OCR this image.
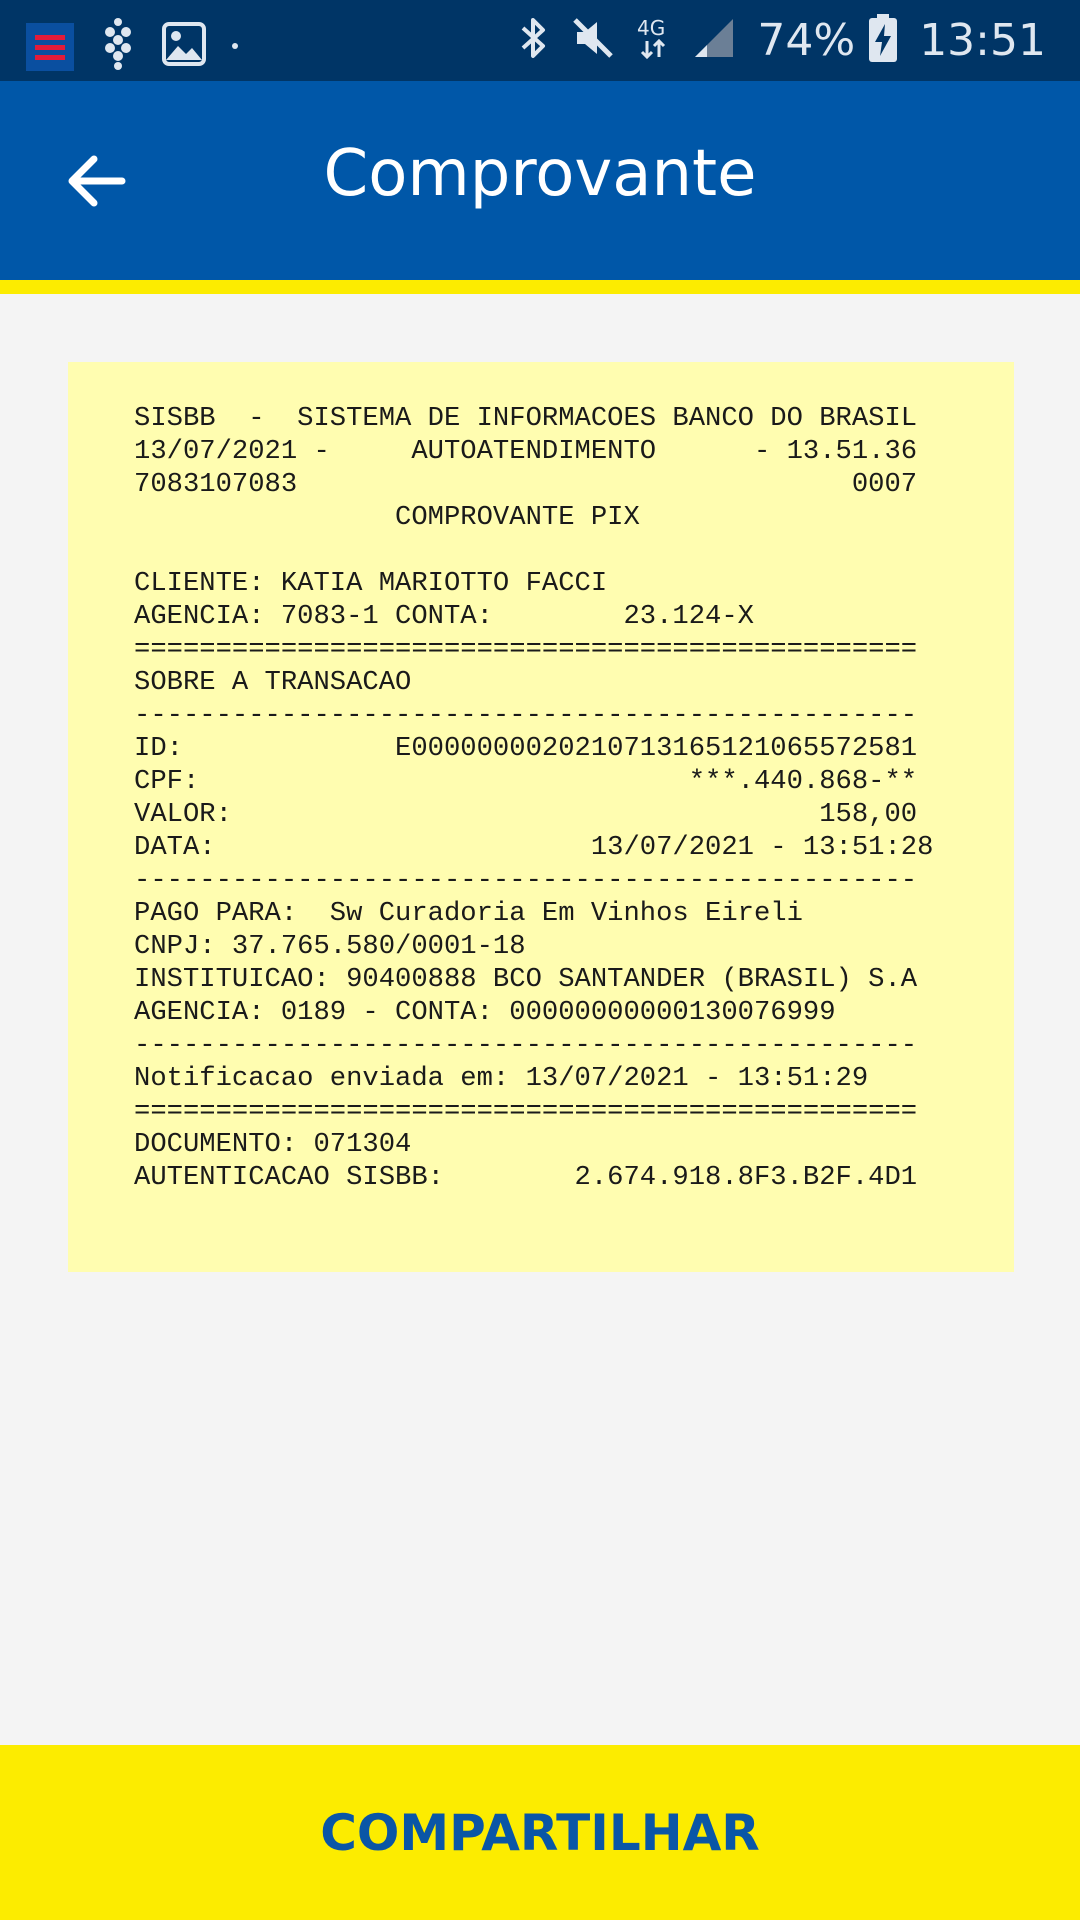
4G 74% 13:51
Comprovante
SISBB  -  SISTEMA DE INFORMACOES BANCO DO BRASIL
13/07/2021 -     AUTOATENDIMENTO      - 13.51.36
7083107083                                  0007
COMPROVANTE PIX

CLIENTE: KATIA MARIOTTO FACCI
AGENCIA: 7083-1 CONTA:        23.124-X
================================================
SOBRE A TRANSACAO
------------------------------------------------
ID:             E0000000020210713165121065572581
CPF:                              ***.440.868-**
VALOR:                                    158,00
DATA:                       13/07/2021 - 13:51:28
------------------------------------------------
PAGO PARA:  Sw Curadoria Em Vinhos Eireli
CNPJ: 37.765.580/0001-18
INSTITUICAO: 90400888 BCO SANTANDER (BRASIL) S.A
AGENCIA: 0189 - CONTA: 00000000000130076999
------------------------------------------------
Notificacao enviada em: 13/07/2021 - 13:51:29
================================================
DOCUMENTO: 071304
AUTENTICACAO SISBB:        2.674.918.8F3.B2F.4D1

COMPARTILHAR
